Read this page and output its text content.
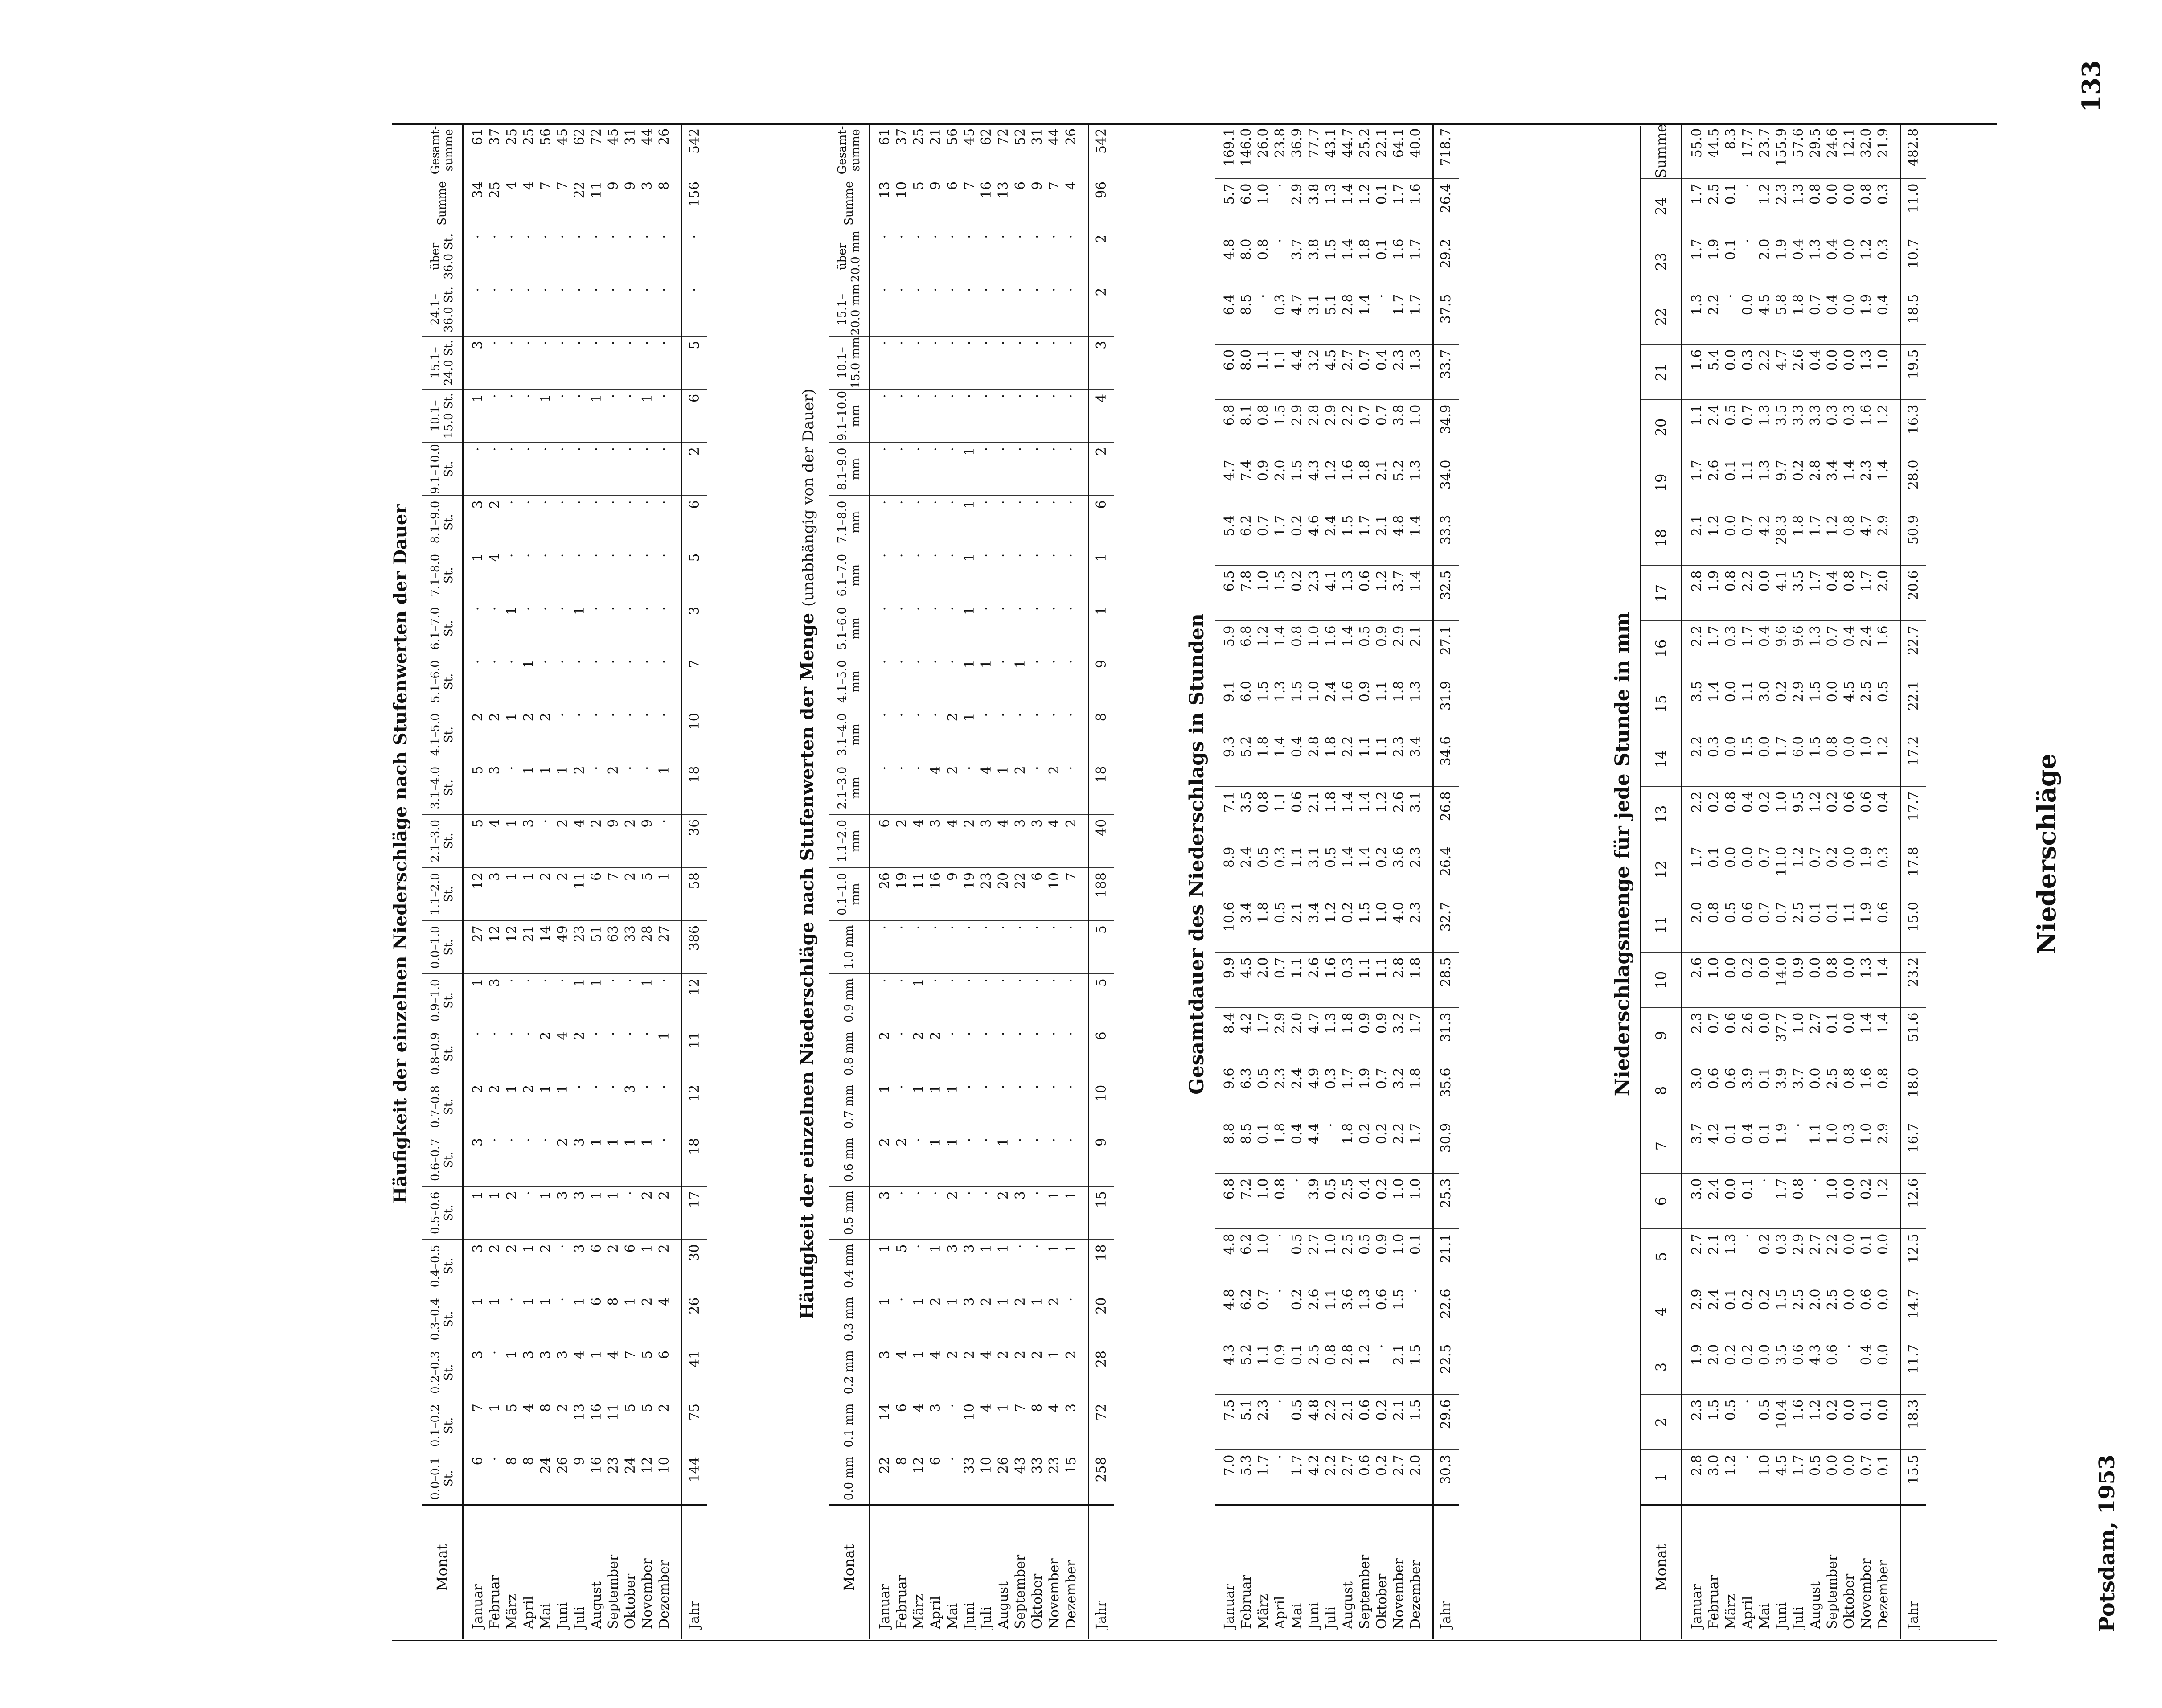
Potsdam, 1953
Niederschläge
133
Niederschlagsmenge für jede Stunde in mm
Monat	1	2	3	4	5	6	7	8	9	10	11	12	13	14	15	16	17	18	19	20	21	22	23	24	Summe
Januar	2.8	2.3	1.9	2.9	2.7	3.0	3.7	3.0	2.3	2.6	2.0	1.7	2.2	2.2	3.5	2.2	2.8	2.1	1.7	1.1	1.6	1.3	1.7	1.7	55.0
Februar	3.0	1.5	2.0	2.4	2.1	2.4	4.2	0.6	0.7	1.0	0.8	0.1	0.2	0.3	1.4	1.7	1.9	1.2	2.6	2.4	5.4	2.2	1.9	2.5	44.5
März	1.2	0.5	0.2	0.1	1.3	0.0	0.1	0.6	0.6	0.0	0.5	0.0	0.8	0.0	0.0	0.3	0.8	0.0	0.1	0.5	0.0	·	0.1	0.1	8.3
April	·	·	0.2	0.2	·	0.1	0.4	3.9	2.6	0.2	0.6	0.0	0.4	1.5	1.1	1.7	2.2	0.7	1.1	0.7	0.3	0.0	·	·	17.7
Mai	1.0	0.5	0.0	0.2	0.2	·	0.1	0.1	0.0	0.0	0.7	0.7	0.2	0.0	3.0	0.4	0.0	4.2	1.3	1.3	2.2	4.5	2.0	1.2	23.7
Juni	4.5	10.4	3.5	1.5	0.3	1.7	1.9	3.9	37.7	14.0	0.7	11.0	1.0	1.7	0.2	9.6	4.1	28.3	9.7	3.5	4.7	5.8	1.9	2.3	155.9
Juli	1.7	1.6	0.6	2.5	2.9	0.8	·	3.7	1.0	0.9	2.5	1.2	9.5	6.0	2.9	9.6	3.5	1.8	0.2	3.3	2.6	1.8	0.4	1.3	57.6
August	0.5	1.2	4.3	2.0	2.7	·	1.1	0.0	2.7	0.0	0.1	0.7	1.2	1.5	1.5	1.3	1.7	1.7	2.8	3.3	0.4	0.7	1.3	0.8	29.5
September	0.0	0.2	0.6	2.5	2.2	1.0	1.0	2.5	0.1	0.8	0.1	0.2	0.2	0.8	0.0	0.7	0.4	1.2	3.4	0.3	0.0	0.4	0.4	0.0	24.6
Oktober	0.0	0.0	·	0.0	0.0	0.0	0.3	0.8	0.0	0.0	1.1	0.0	0.6	0.0	4.5	0.4	0.8	0.8	1.4	0.3	0.0	0.0	0.0	0.0	12.1
November	0.7	0.1	0.4	0.6	0.1	0.2	1.0	1.6	1.4	1.3	1.9	1.9	0.6	1.0	2.5	2.4	1.7	4.7	2.3	1.6	1.3	1.9	1.2	0.8	32.0
Dezember	0.1	0.0	0.0	0.0	0.0	1.2	2.9	0.8	1.4	1.4	0.6	0.3	0.4	1.2	0.5	1.6	2.0	2.9	1.4	1.2	1.0	0.4	0.3	0.3	21.9
Jahr	15.5	18.3	11.7	14.7	12.5	12.6	16.7	18.0	51.6	23.2	15.0	17.8	17.7	17.2	22.1	22.7	20.6	50.9	28.0	16.3	19.5	18.5	10.7	11.0	482.8
Gesamtdauer des Niederschlags in Stunden
Januar	7.0	7.5	4.3	4.8	4.8	6.8	8.8	9.6	8.4	9.9	10.6	8.9	7.1	9.3	9.1	5.9	6.5	5.4	4.7	6.8	6.0	6.4	4.8	5.7	169.1
Februar	5.3	5.1	5.2	6.2	6.2	7.2	8.5	6.3	4.2	4.5	3.4	2.4	3.5	5.2	6.0	6.8	7.8	6.2	7.4	8.1	8.0	8.5	8.0	6.0	146.0
März	1.7	2.3	1.1	0.7	1.0	1.0	0.1	0.5	1.7	2.0	1.8	0.5	0.8	1.8	1.5	1.2	1.0	0.7	0.9	0.8	1.1	·	0.8	1.0	26.0
April	·	·	0.9	·	·	0.8	1.8	2.3	2.9	0.7	0.5	0.3	1.1	1.4	1.3	1.4	1.5	1.7	2.0	1.5	1.1	0.3	·	·	23.8
Mai	1.7	0.5	0.1	0.2	0.5	·	0.4	2.4	2.0	1.1	2.1	1.1	0.6	0.4	1.5	0.8	0.2	0.2	1.5	2.9	4.4	4.7	3.7	2.9	36.9
Juni	4.2	4.8	2.5	2.6	2.7	3.9	4.4	4.9	4.7	2.6	3.4	3.1	2.1	2.8	1.0	1.0	2.3	4.6	4.3	2.8	3.2	3.1	3.8	3.8	77.7
Juli	2.2	2.2	0.8	1.1	1.0	0.5	·	0.3	1.3	1.6	1.2	0.5	1.8	1.8	2.4	1.6	4.1	2.4	1.2	2.9	4.5	5.1	1.5	1.3	43.1
August	2.7	2.1	2.8	3.6	2.5	2.5	1.8	1.7	1.8	0.3	0.2	1.4	1.4	2.2	1.6	1.4	1.3	1.5	1.6	2.2	2.7	2.8	1.4	1.4	44.7
September	0.6	0.6	1.2	1.3	0.5	0.4	0.2	1.9	0.9	1.1	1.5	1.4	1.4	1.1	0.9	0.5	0.6	1.7	1.8	0.7	0.7	1.4	1.8	1.2	25.2
Oktober	0.2	0.2	·	0.6	0.9	0.2	0.2	0.7	0.9	1.1	1.0	0.2	1.2	1.1	1.1	0.9	1.2	2.1	2.1	0.7	0.4	·	0.1	0.1	22.1
November	2.7	2.1	2.1	1.5	1.0	1.0	2.2	3.2	3.2	2.8	4.0	3.6	2.6	2.3	1.8	2.9	3.7	4.8	5.2	3.8	2.3	1.7	1.6	1.7	64.1
Dezember	2.0	1.5	1.5	·	0.1	1.0	1.7	1.8	1.7	1.8	2.3	2.3	3.1	3.4	1.3	2.1	1.4	1.4	1.3	1.0	1.3	1.7	1.7	1.6	40.0
Jahr	30.3	29.6	22.5	22.6	21.1	25.3	30.9	35.6	31.3	28.5	32.7	26.4	26.8	34.6	31.9	27.1	32.5	33.3	34.0	34.9	33.7	37.5	29.2	26.4	718.7
Häufigkeit der einzelnen Niederschläge nach Stufenwerten der Menge (unabhängig von der Dauer)
Monat	0.0 mm	0.1 mm	0.2 mm	0.3 mm	0.4 mm	0.5 mm	0.6 mm	0.7 mm	0.8 mm	0.9 mm	1.0 mm	0.1–1.0 mm	1.1–2.0 mm	2.1–3.0 mm	3.1–4.0 mm	4.1–5.0 mm	5.1–6.0 mm	6.1–7.0 mm	7.1–8.0 mm	8.1–9.0 mm	9.1–10.0 mm	10.1–15.0 mm	15.1–20.0 mm	über 20.0 mm	Summe	Gesamt-summe
Januar	22	14	3	1	1	3	2	1	2	·	·	26	6	·	·	·	·	·	·	·	·	·	·	·	13	61
Februar	8	6	4	·	5	·	2	·	·	·	·	19	2	·	·	·	·	·	·	·	·	·	·	·	10	37
März	12	4	1	1	·	·	·	1	2	1	·	11	4	·	·	·	·	·	·	·	·	·	·	·	5	25
April	6	3	4	2	1	·	1	1	2	·	·	16	3	4	·	·	·	·	·	·	·	·	·	·	9	21
Mai	·	·	2	1	3	2	1	1	·	·	·	9	4	2	2	·	·	·	·	·	·	·	·	·	6	56
Juni	33	10	2	3	3	·	·	·	·	·	·	19	2	·	1	1	1	1	1	1	·	·	·	·	7	45
Juli	10	4	4	2	1	·	·	·	·	·	·	23	3	4	·	1	·	·	·	·	·	·	·	·	16	62
August	26	1	2	1	1	2	1	·	·	·	·	20	4	1	·	·	·	·	·	·	·	·	·	·	13	72
September	43	7	2	2	·	3	·	·	·	·	·	22	3	2	·	1	·	·	·	·	·	·	·	·	6	52
Oktober	33	8	2	1	·	·	·	·	·	·	·	6	3	·	·	·	·	·	·	·	·	·	·	·	9	31
November	23	4	1	2	1	1	·	·	·	·	·	10	4	2	·	·	·	·	·	·	·	·	·	·	7	44
Dezember	15	3	2	·	1	1	·	·	·	·	·	7	2	·	·	·	·	·	·	·	·	·	·	·	4	26
Jahr	258	72	28	20	18	15	9	10	6	5	5	188	40	18	8	9	1	1	6	2	4	3	2	2	96	542
Häufigkeit der einzelnen Niederschläge nach Stufenwerten der Dauer
Monat	0.0–0.1 St.	0.1–0.2 St.	0.2–0.3 St.	0.3–0.4 St.	0.4–0.5 St.	0.5–0.6 St.	0.6–0.7 St.	0.7–0.8 St.	0.8–0.9 St.	0.9–1.0 St.	0.0–1.0 St.	1.1–2.0 St.	2.1–3.0 St.	3.1–4.0 St.	4.1–5.0 St.	5.1–6.0 St.	6.1–7.0 St.	7.1–8.0 St.	8.1–9.0 St.	9.1–10.0 St.	10.1–15.0 St.	15.1–24.0 St.	24.1–36.0 St.	über 36.0 St.	Summe	Gesamt-summe
Januar	6	7	3	1	3	1	3	2	·	1	27	12	5	5	2	·	·	1	3	·	1	3	·	·	34	61
Februar	·	1	·	1	2	1	·	2	·	3	12	3	4	3	2	·	·	4	2	·	·	·	·	·	25	37
März	8	5	1	·	2	2	·	1	·	·	12	1	1	·	1	·	1	·	·	·	·	·	·	·	4	25
April	8	4	3	1	1	·	·	2	·	·	21	1	3	1	2	1	·	·	·	·	·	·	·	·	4	25
Mai	24	8	3	1	2	1	·	1	2	·	14	2	·	1	2	·	·	·	·	·	1	·	·	·	7	56
Juni	26	2	3	·	·	3	2	1	4	·	49	2	2	1	·	·	·	·	·	·	·	·	·	·	7	45
Juli	9	13	4	1	3	3	3	·	2	1	23	11	4	2	·	·	1	·	·	·	·	·	·	·	22	62
August	16	16	1	6	6	1	1	·	·	1	51	6	2	·	·	·	·	·	·	·	1	·	·	·	11	72
September	23	11	4	8	2	1	1	·	·	·	63	7	9	2	·	·	·	·	·	·	·	·	·	·	9	45
Oktober	24	5	7	1	6	·	1	3	·	·	33	2	2	·	·	·	·	·	·	·	·	·	·	·	9	31
November	12	5	5	2	1	2	1	·	·	1	28	5	9	·	·	·	·	·	·	·	1	·	·	·	3	44
Dezember	10	2	6	4	2	2	·	·	1	·	27	1	·	1	·	·	·	·	·	·	·	·	·	·	8	26
Jahr	144	75	41	26	30	17	18	12	11	12	386	58	36	18	10	7	3	5	6	2	6	5	·	·	156	542
